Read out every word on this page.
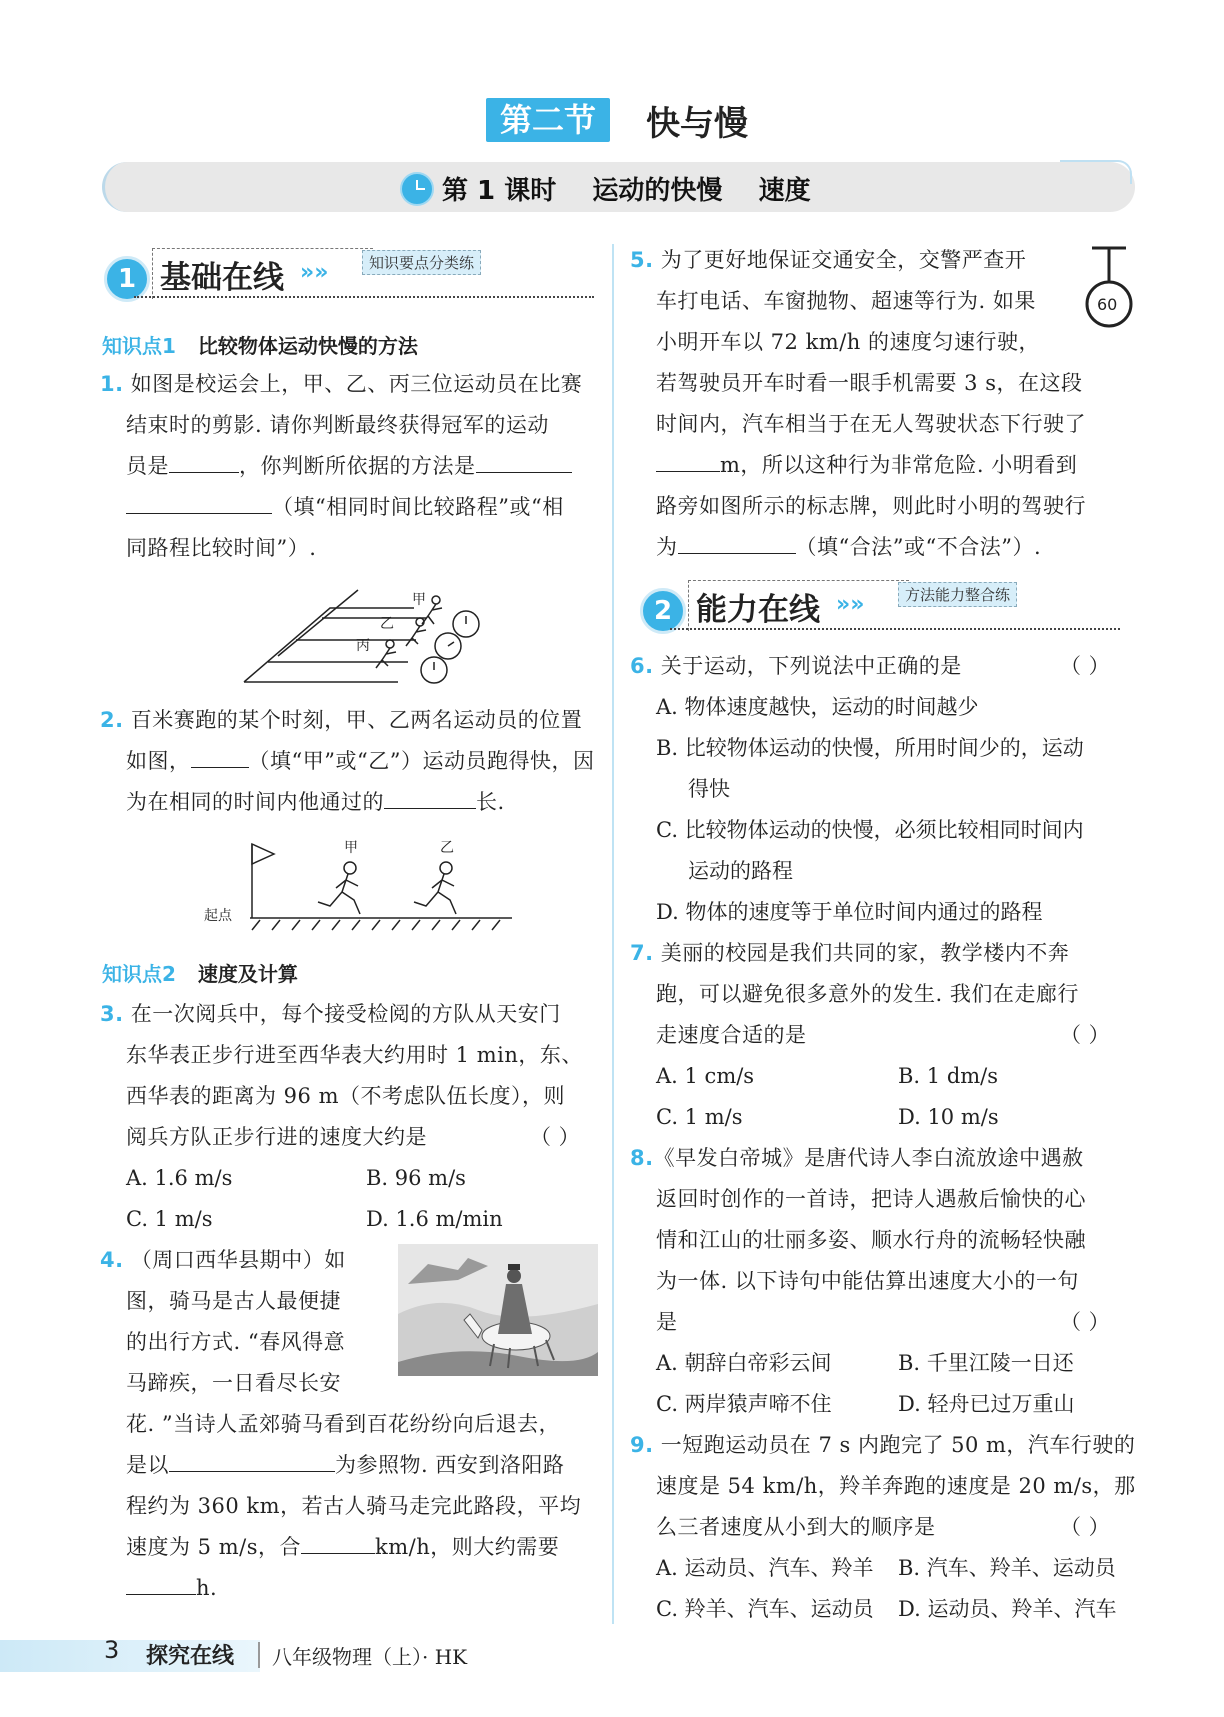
第二节	快与慢
第 1 课时    运动的快慢    速度
1 基础在线 »»	知识要点分类练
知识点1 比较物体运动快慢的方法
1. 如图是校运会上，甲、乙、丙三位运动员在比赛
结束时的剪影. 请你判断最终获得冠军的运动
员是	，你判断所依据的方法是
（填“相同时间比较路程”或“相
同路程比较时间”）.
甲
乙
丙
2. 百米赛跑的某个时刻，甲、乙两名运动员的位置
如图，	（填“甲”或“乙”）运动员跑得快，因
为在相同的时间内他通过的	长.
甲	乙
起点
知识点2 速度及计算
3. 在一次阅兵中，每个接受检阅的方队从天安门
东华表正步行进至西华表大约用时 1 min，东、
西华表的距离为 96 m（不考虑队伍长度），则
阅兵方队正步行进的速度大约是	（ ）
A. 1.6 m/s	B. 96 m/s
C. 1 m/s	D. 1.6 m/min
4. （周口西华县期中）如
图，骑马是古人最便捷
的出行方式. “春风得意
马蹄疾，一日看尽长安
花. ”当诗人孟郊骑马看到百花纷纷向后退去，
是以	为参照物. 西安到洛阳路
程约为 360 km，若古人骑马走完此路段，平均
速度为 5 m/s，合	km/h，则大约需要
h.
5. 为了更好地保证交通安全，交警严查开
车打电话、车窗抛物、超速等行为. 如果
小明开车以 72 km/h 的速度匀速行驶，
若驾驶员开车时看一眼手机需要 3 s，在这段
时间内，汽车相当于在无人驾驶状态下行驶了
m，所以这种行为非常危险. 小明看到
路旁如图所示的标志牌，则此时小明的驾驶行
为	（填“合法”或“不合法”）.
60
2 能力在线 »»	方法能力整合练
6. 关于运动，下列说法中正确的是	（ ）
A. 物体速度越快，运动的时间越少
B. 比较物体运动的快慢，所用时间少的，运动
得快
C. 比较物体运动的快慢，必须比较相同时间内
运动的路程
D. 物体的速度等于单位时间内通过的路程
7. 美丽的校园是我们共同的家，教学楼内不奔
跑，可以避免很多意外的发生. 我们在走廊行
走速度合适的是	（ ）
A. 1 cm/s	B. 1 dm/s
C. 1 m/s	D. 10 m/s
8.《早发白帝城》是唐代诗人李白流放途中遇赦
返回时创作的一首诗，把诗人遇赦后愉快的心
情和江山的壮丽多姿、顺水行舟的流畅轻快融
为一体. 以下诗句中能估算出速度大小的一句
是	（ ）
A. 朝辞白帝彩云间	B. 千里江陵一日还
C. 两岸猿声啼不住	D. 轻舟已过万重山
9. 一短跑运动员在 7 s 内跑完了 50 m，汽车行驶的
速度是 54 km/h，羚羊奔跑的速度是 20 m/s，那
么三者速度从小到大的顺序是	（ ）
A. 运动员、汽车、羚羊 B. 汽车、羚羊、运动员
C. 羚羊、汽车、运动员 D. 运动员、羚羊、汽车
3 探究在线 八年级物理（上）· HK
